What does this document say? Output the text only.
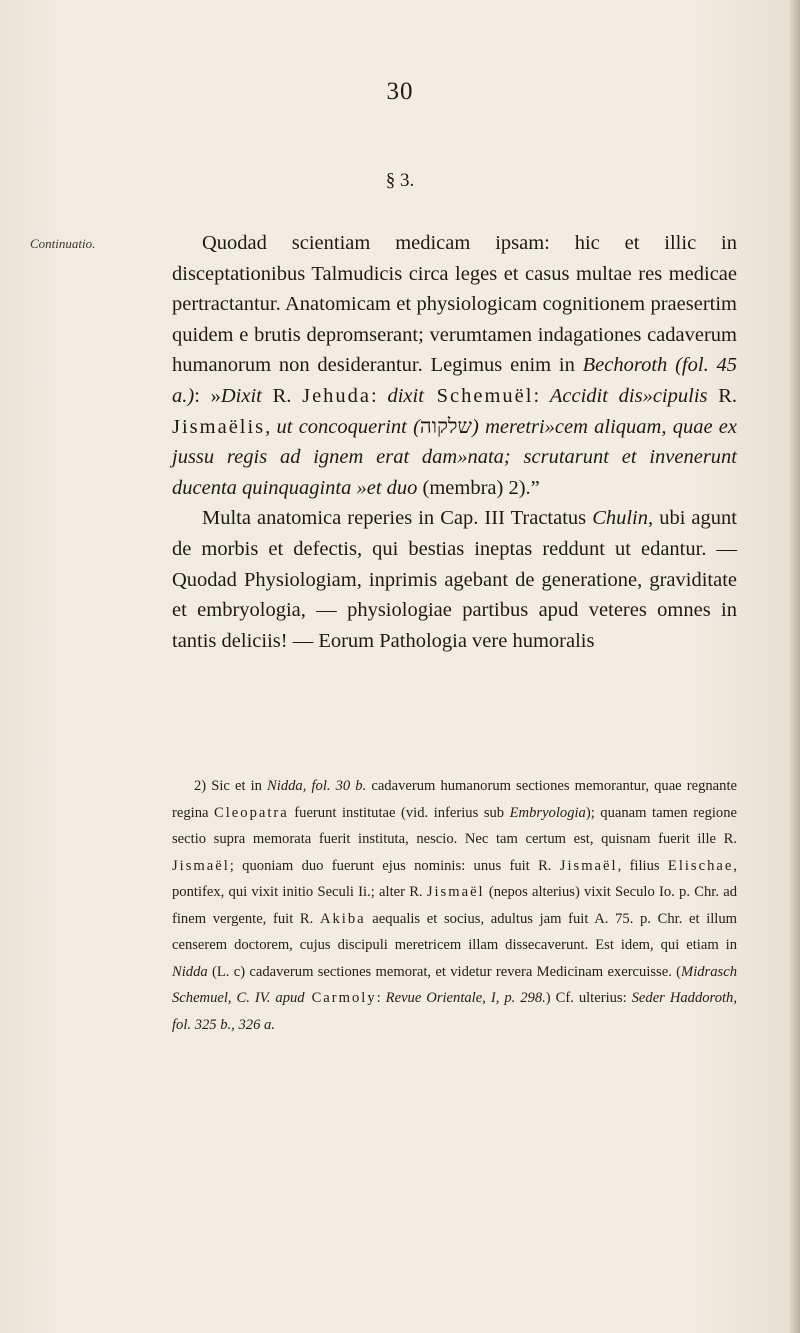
30
§ 3.
Continuatio.	Quodad scientiam medicam ipsam: hic et illic in disceptationibus Talmudicis circa leges et casus multae res medicae pertractantur. Anatomicam et physiologicam cognitionem praesertim quidem e brutis depromserant; verumtamen indagationes cadaverum humanorum non desiderantur. Legimus enim in Bechoroth (fol. 45 a.): »Dixit R. Jehuda: dixit Schemuël: Accidit dis»cipulis R. Jismaëlis, ut concoquerint (שלקוה) meretri»cem aliquam, quae ex jussu regis ad ignem erat dam»nata; scrutarunt et invenerunt ducenta quinquaginta »et duo (membra) 2).”

Multa anatomica reperies in Cap. III Tractatus Chulin, ubi agunt de morbis et defectis, qui bestias ineptas reddunt ut edantur. — Quodad Physiologiam, inprimis agebant de generatione, graviditate et embryologia, — physiologiae partibus apud veteres omnes in tantis deliciis! — Eorum Pathologia vere humoralis

2) Sic et in Nidda, fol. 30 b. cadaverum humanorum sectiones memorantur, quae regnante regina Cleopatra fuerunt institutae (vid. inferius sub Embryologia); quanam tamen regione sectio supra memorata fuerit instituta, nescio. Nec tam certum est, quisnam fuerit ille R. Jismaël; quoniam duo fuerunt ejus nominis: unus fuit R. Jismaël, filius Elischae, pontifex, qui vixit initio Seculi Ii.; alter R. Jismaël (nepos alterius) vixit Seculo Io. p. Chr. ad finem vergente, fuit R. Akiba aequalis et socius, adultus jam fuit A. 75. p. Chr. et illum censerem doctorem, cujus discipuli meretricem illam dissecaverunt. Est idem, qui etiam in Nidda (L. c) cadaverum sectiones memorat, et videtur revera Medicinam exercuisse. (Midrasch Schemuel, C. IV. apud Carmoly: Revue Orientale, I, p. 298.) Cf. ulterius: Seder Haddoroth, fol. 325 b., 326 a.
